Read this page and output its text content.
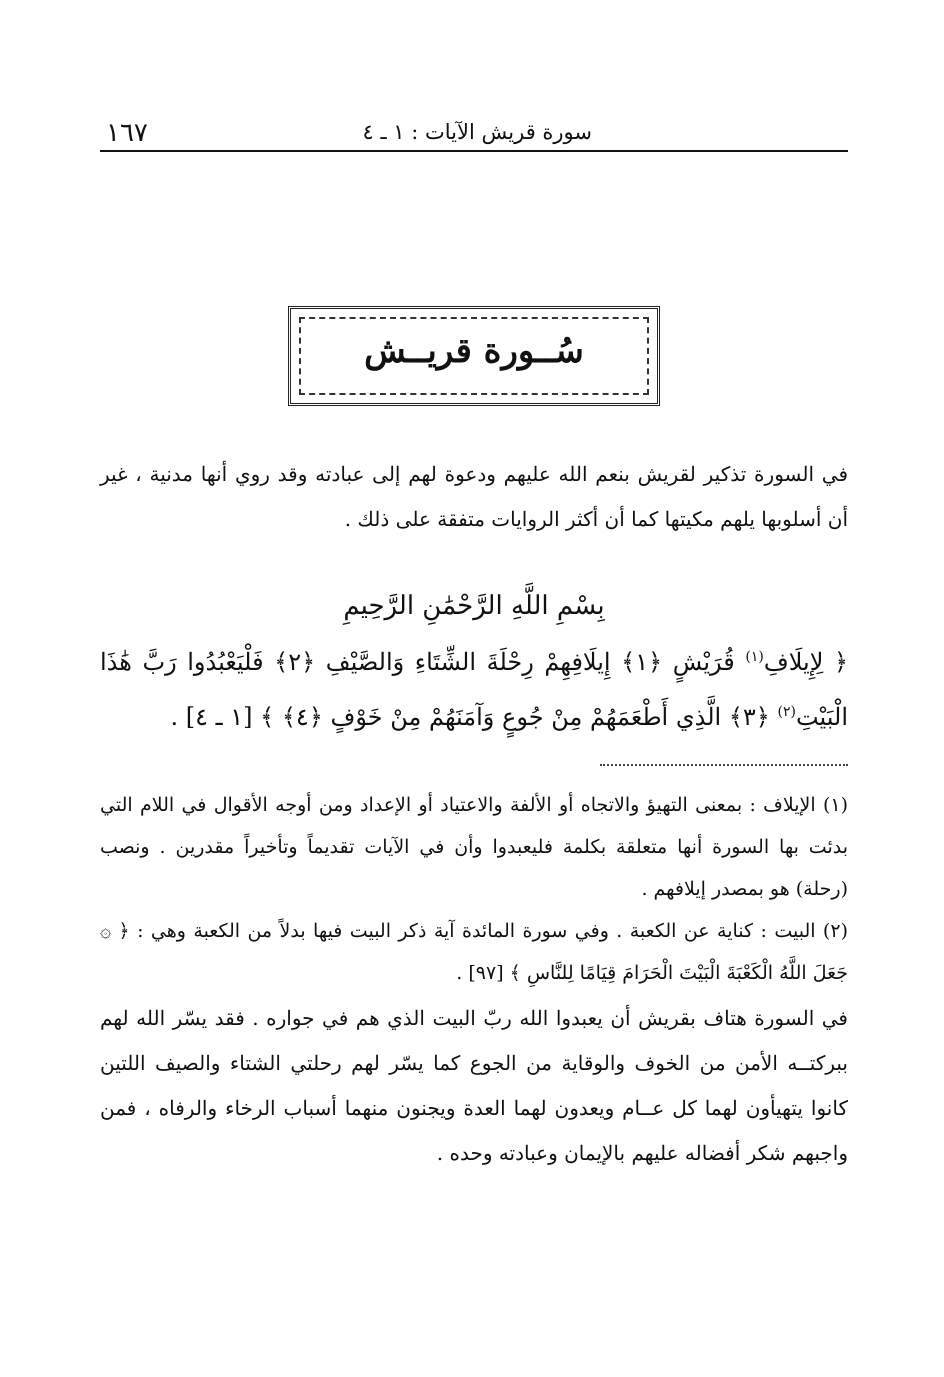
١٦٧	سورة قريش الآيات : ١ ـ ٤
سُــورة قريــش

في السورة تذكير لقريش بنعم الله عليهم ودعوة لهم إلى عبادته وقد روي أنها مدنية ، غير أن أسلوبها يلهم مكيتها كما أن أكثر الروايات متفقة على ذلك .

بِسْمِ اللَّهِ الرَّحْمَٰنِ الرَّحِيمِ

﴿ لِإِيلَافِ$^{(١)}$ قُرَيْشٍ ﴿١﴾ إِيلَافِهِمْ رِحْلَةَ الشِّتَاءِ وَالصَّيْفِ ﴿٢﴾ فَلْيَعْبُدُوا رَبَّ هَٰذَا الْبَيْتِ$^{(٢)}$ ﴿٣﴾ الَّذِي أَطْعَمَهُمْ مِنْ جُوعٍ وَآمَنَهُمْ مِنْ خَوْفٍ ﴿٤﴾ ﴾ [١ ـ ٤] .

(١) الإيلاف : بمعنى التهيؤ والاتجاه أو الألفة والاعتياد أو الإعداد ومن أوجه الأقوال في اللام التي بدئت بها السورة أنها متعلقة بكلمة فليعبدوا وأن في الآيات تقديماً وتأخيراً مقدرين . ونصب (رحلة) هو بمصدر إيلافهم .

(٢) البيت : كناية عن الكعبة . وفي سورة المائدة آية ذكر البيت فيها بدلاً من الكعبة وهي : ﴿ ۞ جَعَلَ اللَّهُ الْكَعْبَةَ الْبَيْتَ الْحَرَامَ قِيَامًا لِلنَّاسِ ﴾ [٩٧] .

في السورة هتاف بقريش أن يعبدوا الله ربّ البيت الذي هم في جواره . فقد يسّر الله لهم ببركتــه الأمن من الخوف والوقاية من الجوع كما يسّر لهم رحلتي الشتاء والصيف اللتين كانوا يتهيأون لهما كل عــام ويعدون لهما العدة ويجنون منهما أسباب الرخاء والرفاه ، فمن واجبهم شكر أفضاله عليهم بالإيمان وعبادته وحده .
